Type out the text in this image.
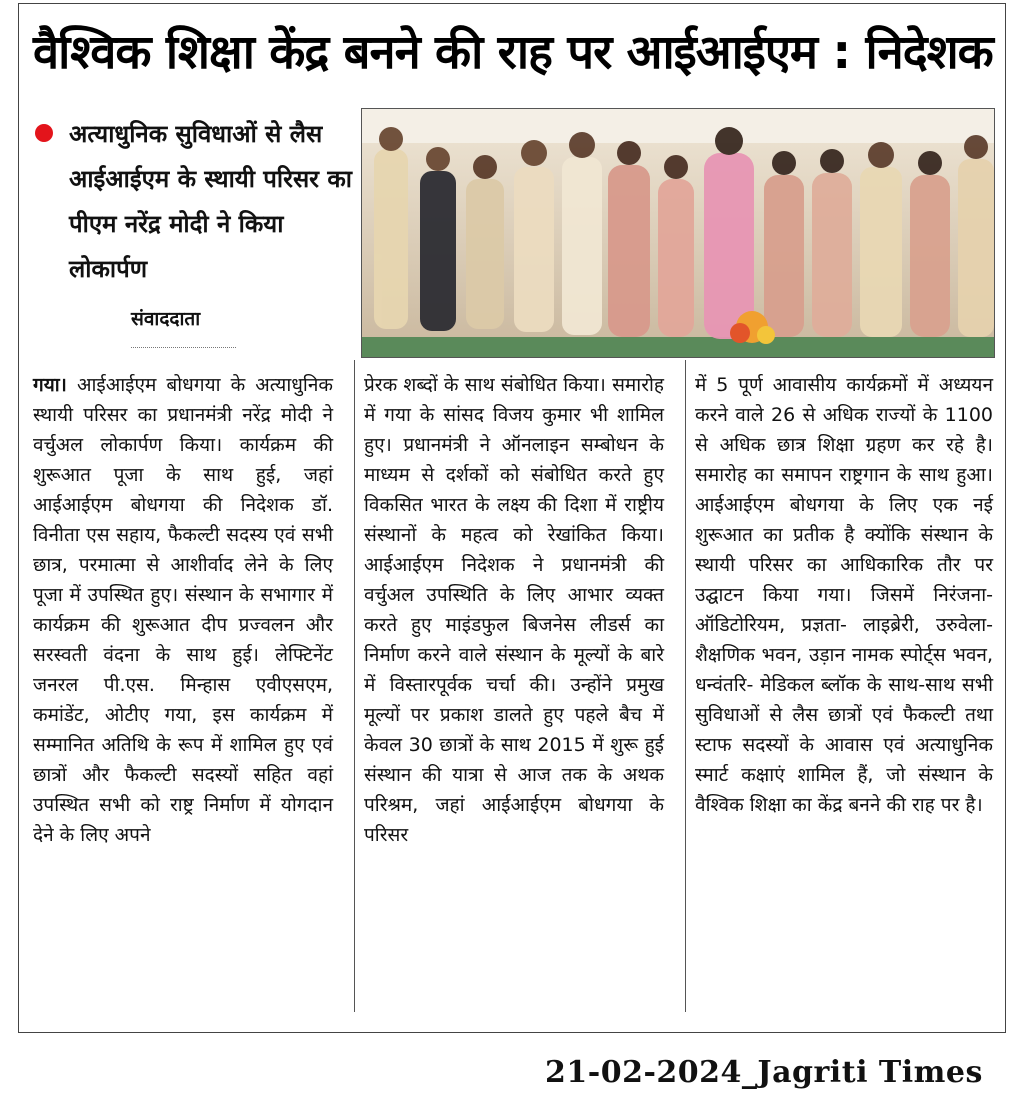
वैश्विक शिक्षा केंद्र बनने की राह पर आईआईएम : निदेशक

अत्याधुनिक सुविधाओं से लैस आईआईएम के स्थायी परिसर का पीएम नरेंद्र मोदी ने किया लोकार्पण

संवाददाता
गया। आईआईएम बोधगया के अत्याधुनिक स्थायी परिसर का प्रधानमंत्री नरेंद्र मोदी ने वर्चुअल लोकार्पण किया। कार्यक्रम की शुरूआत पूजा के साथ हुई, जहां आईआईएम बोधगया की निदेशक डॉ. विनीता एस सहाय, फैकल्टी सदस्य एवं सभी छात्र, परमात्मा से आशीर्वाद लेने के लिए पूजा में उपस्थित हुए। संस्थान के सभागार में कार्यक्रम की शुरूआत दीप प्रज्वलन और सरस्वती वंदना के साथ हुई। लेफ्टिनेंट जनरल पी.एस. मिन्हास एवीएसएम, कमांडेंट, ओटीए गया, इस कार्यक्रम में सम्मानित अतिथि के रूप में शामिल हुए एवं छात्रों और फैकल्टी सदस्यों सहित वहां उपस्थित सभी को राष्ट्र निर्माण में योगदान देने के लिए अपने
प्रेरक शब्दों के साथ संबोधित किया। समारोह में गया के सांसद विजय कुमार भी शामिल हुए। प्रधानमंत्री ने ऑनलाइन सम्बोधन के माध्यम से दर्शकों को संबोधित करते हुए विकसित भारत के लक्ष्य की दिशा में राष्ट्रीय संस्थानों के महत्व को रेखांकित किया। आईआईएम निदेशक ने प्रधानमंत्री की वर्चुअल उपस्थिति के लिए आभार व्यक्त करते हुए माइंडफुल बिजनेस लीडर्स का निर्माण करने वाले संस्थान के मूल्यों के बारे में विस्तारपूर्वक चर्चा की। उन्होंने प्रमुख मूल्यों पर प्रकाश डालते हुए पहले बैच में केवल 30 छात्रों के साथ 2015 में शुरू हुई संस्थान की यात्रा से आज तक के अथक परिश्रम, जहां आईआईएम बोधगया के परिसर
में 5 पूर्ण आवासीय कार्यक्रमों में अध्ययन करने वाले 26 से अधिक राज्यों के 1100 से अधिक छात्र शिक्षा ग्रहण कर रहे है।समारोह का समापन राष्ट्रगान के साथ हुआ। आईआईएम बोधगया के लिए एक नई शुरूआत का प्रतीक है क्योंकि संस्थान के स्थायी परिसर का आधिकारिक तौर पर उद्घाटन किया गया। जिसमें निरंजना- ऑडिटोरियम, प्रज्ञता- लाइब्रेरी, उरुवेला- शैक्षणिक भवन, उड़ान नामक स्पोर्ट्स भवन, धन्वंतरि- मेडिकल ब्लॉक के साथ-साथ सभी सुविधाओं से लैस छात्रों एवं फैकल्टी तथा स्टाफ सदस्यों के आवास एवं अत्याधुनिक स्मार्ट कक्षाएं शामिल हैं, जो संस्थान के वैश्विक शिक्षा का केंद्र बनने की राह पर है।
21-02-2024_Jagriti Times
